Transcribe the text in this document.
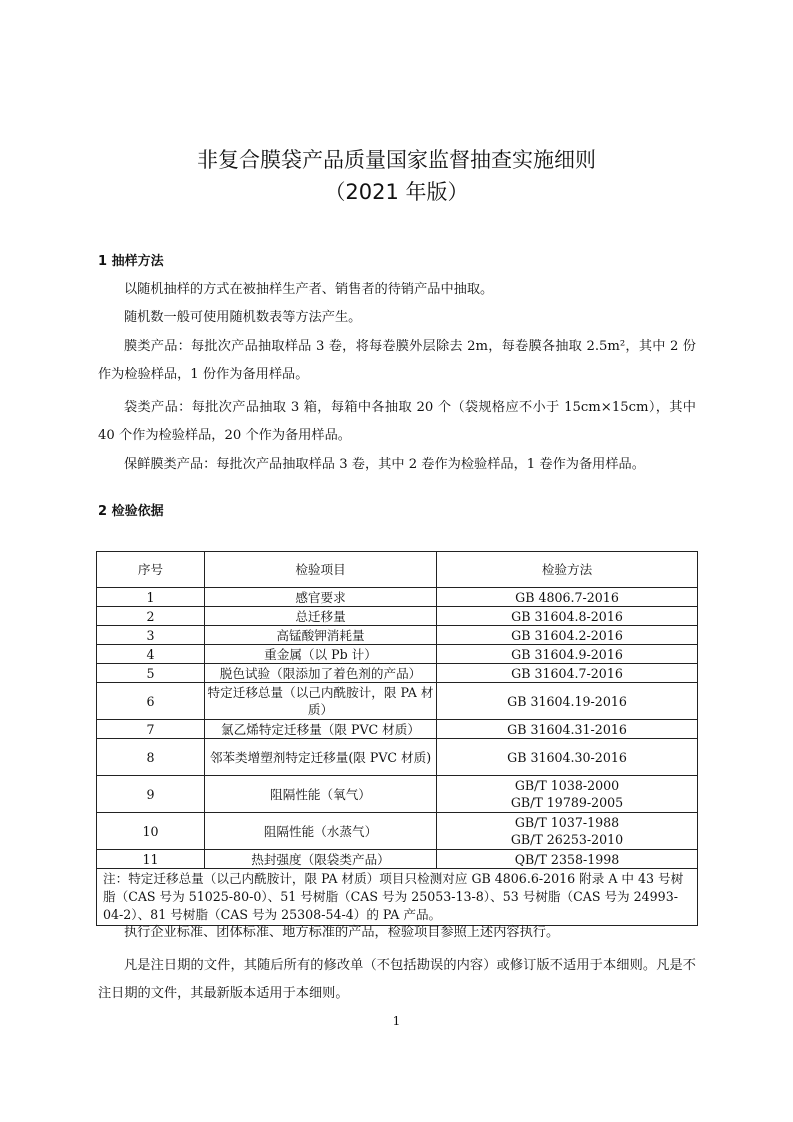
非复合膜袋产品质量国家监督抽查实施细则
（2021 年版）
1 抽样方法
以随机抽样的方式在被抽样生产者、销售者的待销产品中抽取。
随机数一般可使用随机数表等方法产生。
膜类产品：每批次产品抽取样品 3 卷，将每卷膜外层除去 2m，每卷膜各抽取 2.5m²，其中 2 份作为检验样品，1 份作为备用样品。
袋类产品：每批次产品抽取 3 箱，每箱中各抽取 20 个（袋规格应不小于 15cm×15cm），其中 40 个作为检验样品，20 个作为备用样品。
保鲜膜类产品：每批次产品抽取样品 3 卷，其中 2 卷作为检验样品，1 卷作为备用样品。
2 检验依据
序号	检验项目	检验方法
1	感官要求	GB 4806.7-2016
2	总迁移量	GB 31604.8-2016
3	高锰酸钾消耗量	GB 31604.2-2016
4	重金属（以 Pb 计）	GB 31604.9-2016
5	脱色试验（限添加了着色剂的产品）	GB 31604.7-2016
6	特定迁移总量（以己内酰胺计，限 PA 材质）	GB 31604.19-2016
7	氯乙烯特定迁移量（限 PVC 材质）	GB 31604.31-2016
8	邻苯类增塑剂特定迁移量(限 PVC 材质)	GB 31604.30-2016
9	阻隔性能（氧气）	GB/T 1038-2000
GB/T 19789-2005

10	阻隔性能（水蒸气）	GB/T 1037-1988
GB/T 26253-2010

11	热封强度（限袋类产品）	QB/T 2358-1998
注：特定迁移总量（以己内酰胺计，限 PA 材质）项目只检测对应 GB 4806.6-2016 附录 A 中 43 号树脂（CAS 号为 51025-80-0）、51 号树脂（CAS 号为 25053-13-8）、53 号树脂（CAS 号为 24993-04-2）、81 号树脂（CAS 号为 25308-54-4）的 PA 产品。		
执行企业标准、团体标准、地方标准的产品，检验项目参照上述内容执行。
凡是注日期的文件，其随后所有的修改单（不包括勘误的内容）或修订版不适用于本细则。凡是不注日期的文件，其最新版本适用于本细则。
1
